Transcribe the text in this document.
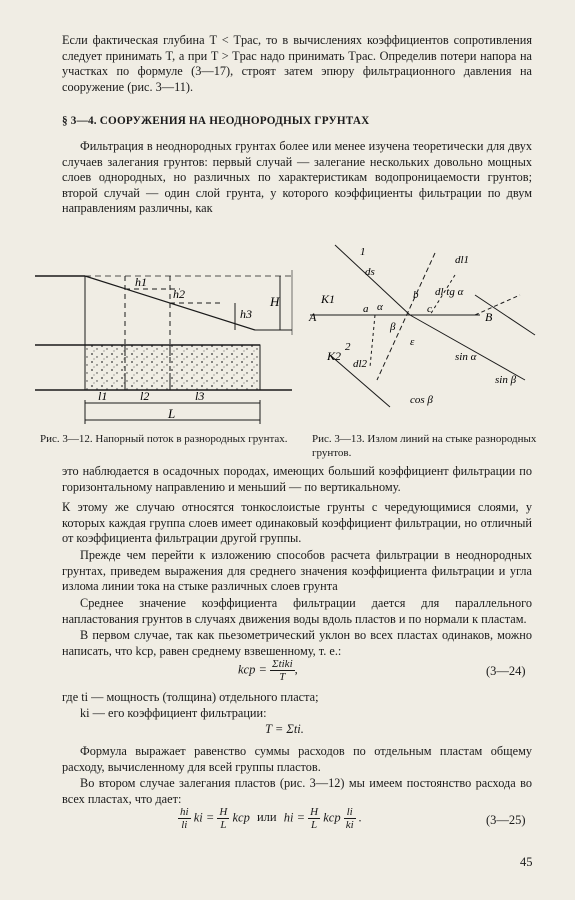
Если фактическая глубина T < Tрас, то в вычислениях коэффициентов сопротивления следует принимать T, а при T > Tрас надо принимать Tрас. Определив потери напора на участках по формуле (3—17), строят затем эпюру фильтрационного давления на сооружение (рис. 3—11).

§ 3—4. СООРУЖЕНИЯ НА НЕОДНОРОДНЫХ ГРУНТАХ

Фильтрация в неоднородных грунтах более или менее изучена теоретически для двух случаев залегания грунтов: первый случай — залегание нескольких довольно мощных слоев однородных, но различных по характеристикам водопроницаемости грунтов; второй случай — один слой грунта, у которого коэффициенты фильтрации по двум направлениям различны, как

h1
h2
h3
H
l1	l2	l3
L
K1
K2
A	B
a
b
c
α
β
ε
ds
dl2
dl1
1
2
dl tg α
sin α
cos β
sin β

Рис. 3—12. Напорный поток в разнородных грунтах.	Рис. 3—13. Излом линий на стыке разнородных грунтов.

это наблюдается в осадочных породах, имеющих больший коэффициент фильтрации по горизонтальному направлению и меньший — по вертикальному.

К этому же случаю относятся тонкослоистые грунты с чередующимися слоями, у которых каждая группа слоев имеет одинаковый коэффициент фильтрации, но отличный от коэффициента фильтрации другой группы.

Прежде чем перейти к изложению способов расчета фильтрации в неоднородных грунтах, приведем выражения для среднего значения коэффициента фильтрации и угла излома линии тока на стыке различных слоев грунта

Среднее значение коэффициента фильтрации дается для параллельного напластования грунтов в случаях движения воды вдоль пластов и по нормали к пластам.

В первом случае, так как пьезометрический уклон во всех пластах одинаков, можно написать, что kср, равен среднему взвешенному, т. е.:

kср = $\frac{\text{Σtiki}}{T}$ ,	(3—24)

где ti — мощность (толщина) отдельного пласта;

ki — его коэффициент фильтрации:

T = Σti.

Формула выражает равенство суммы расходов по отдельным пластам общему расходу, вычисленному для всей группы пластов.

Во втором случае залегания пластов (рис. 3—12) мы имеем постоянство расхода во всех пластах, что дает:

$\frac{hi}{li}$ ki = $\frac{H}{L}$ kср или hi = $\frac{H}{L}$ kср $\frac{li}{ki}$ .	(3—25)

45
